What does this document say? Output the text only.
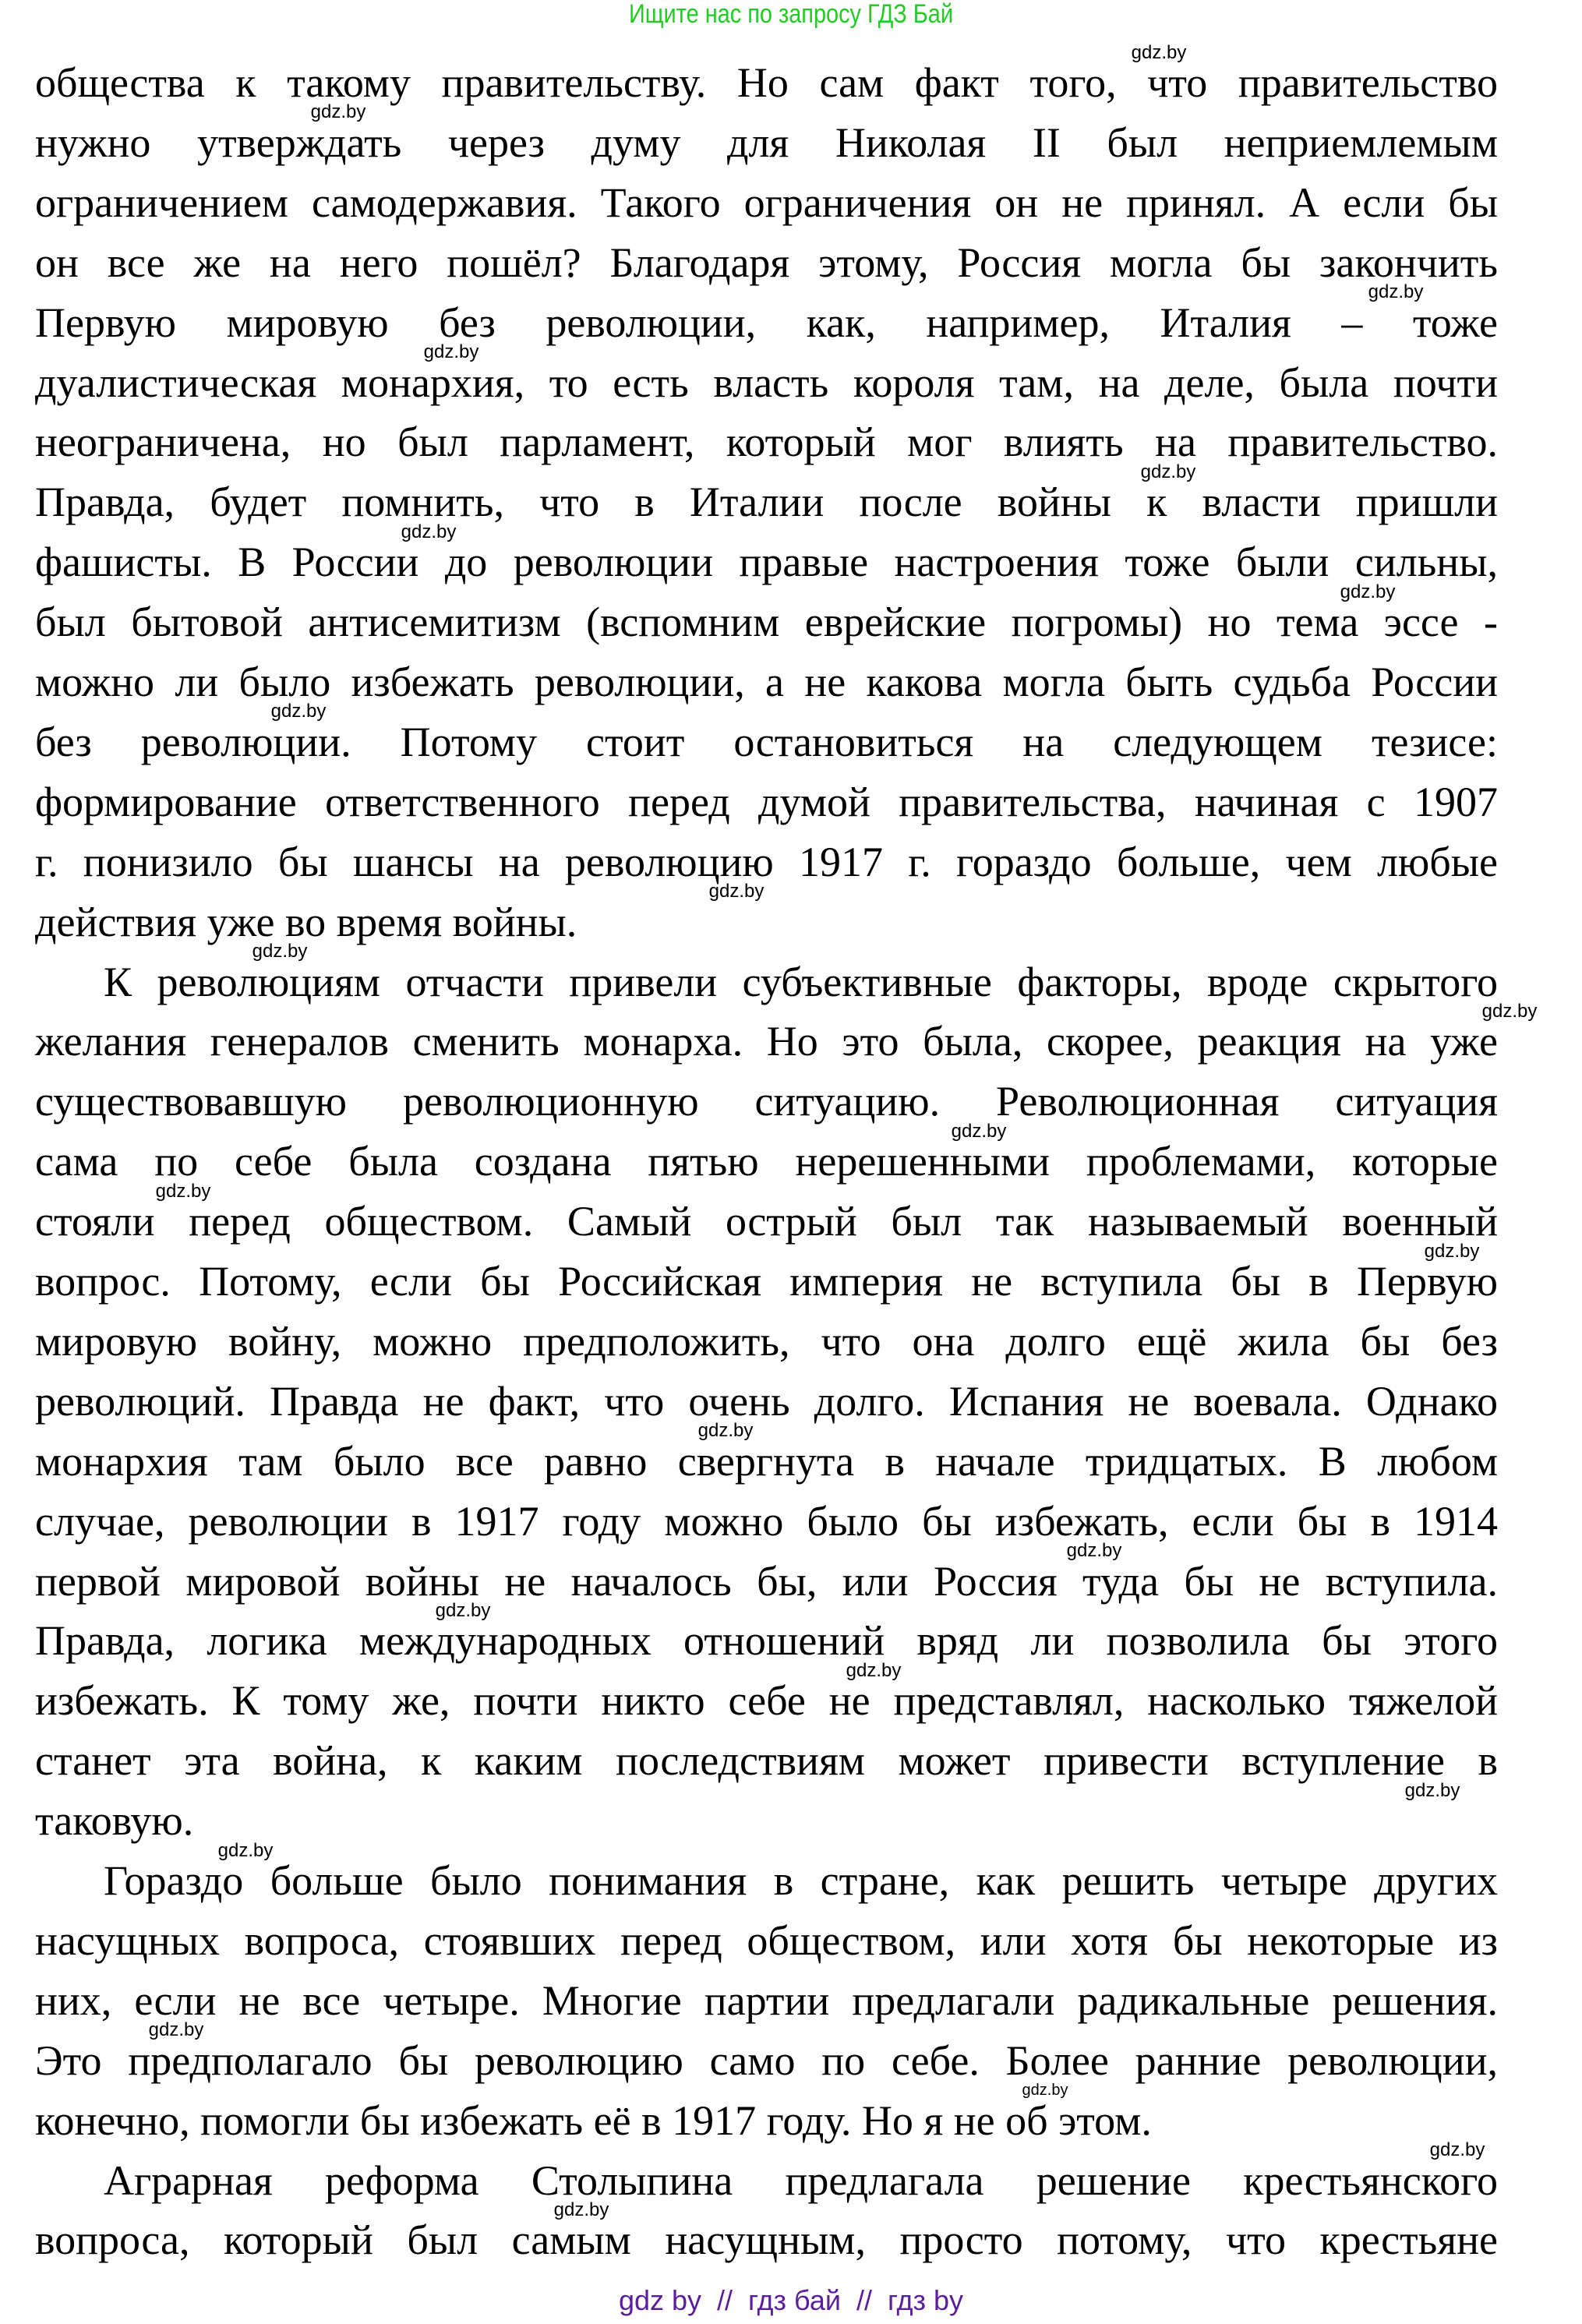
Ищите нас по запросу ГДЗ Бай
общества к такому правительству. Но сам факт того, что правительство
нужно утверждать через думу для Николая II был неприемлемым
ограничением самодержавия. Такого ограничения он не принял. А если бы
он все же на него пошёл? Благодаря этому, Россия могла бы закончить
Первую мировую без революции, как, например, Италия – тоже
дуалистическая монархия, то есть власть короля там, на деле, была почти
неограничена, но был парламент, который мог влиять на правительство.
Правда, будет помнить, что в Италии после войны к власти пришли
фашисты. В России до революции правые настроения тоже были сильны,
был бытовой антисемитизм (вспомним еврейские погромы) но тема эссе -
можно ли было избежать революции, а не какова могла быть судьба России
без революции. Потому стоит остановиться на следующем тезисе:
формирование ответственного перед думой правительства, начиная с 1907
г. понизило бы шансы на революцию 1917 г. гораздо больше, чем любые
действия уже во время войны.
К революциям отчасти привели субъективные факторы, вроде скрытого
желания генералов сменить монарха. Но это была, скорее, реакция на уже
существовавшую революционную ситуацию. Революционная ситуация
сама по себе была создана пятью нерешенными проблемами, которые
стояли перед обществом. Самый острый был так называемый военный
вопрос. Потому, если бы Российская империя не вступила бы в Первую
мировую войну, можно предположить, что она долго ещё жила бы без
революций. Правда не факт, что очень долго. Испания не воевала. Однако
монархия там было все равно свергнута в начале тридцатых. В любом
случае, революции в 1917 году можно было бы избежать, если бы в 1914
первой мировой войны не началось бы, или Россия туда бы не вступила.
Правда, логика международных отношений вряд ли позволила бы этого
избежать. К тому же, почти никто себе не представлял, насколько тяжелой
станет эта война, к каким последствиям может привести вступление в
таковую.
Гораздо больше было понимания в стране, как решить четыре других
насущных вопроса, стоявших перед обществом, или хотя бы некоторые из
них, если не все четыре. Многие партии предлагали радикальные решения.
Это предполагало бы революцию само по себе. Более ранние революции,
конечно, помогли бы избежать её в 1917 году. Но я не об этом.
Аграрная реформа Столыпина предлагала решение крестьянского
вопроса, который был самым насущным, просто потому, что крестьяне
gdz.by
gdz.by
gdz.by
gdz.by
gdz.by
gdz.by
gdz.by
gdz.by
gdz.by
gdz.by
gdz.by
gdz.by
gdz.by
gdz.by
gdz.by
gdz.by
gdz.by
gdz.by
gdz.by
gdz.by
gdz.by
gdz.by
gdz.by
gdz.by
gdz by  //  гдз бай  //  гдз by
